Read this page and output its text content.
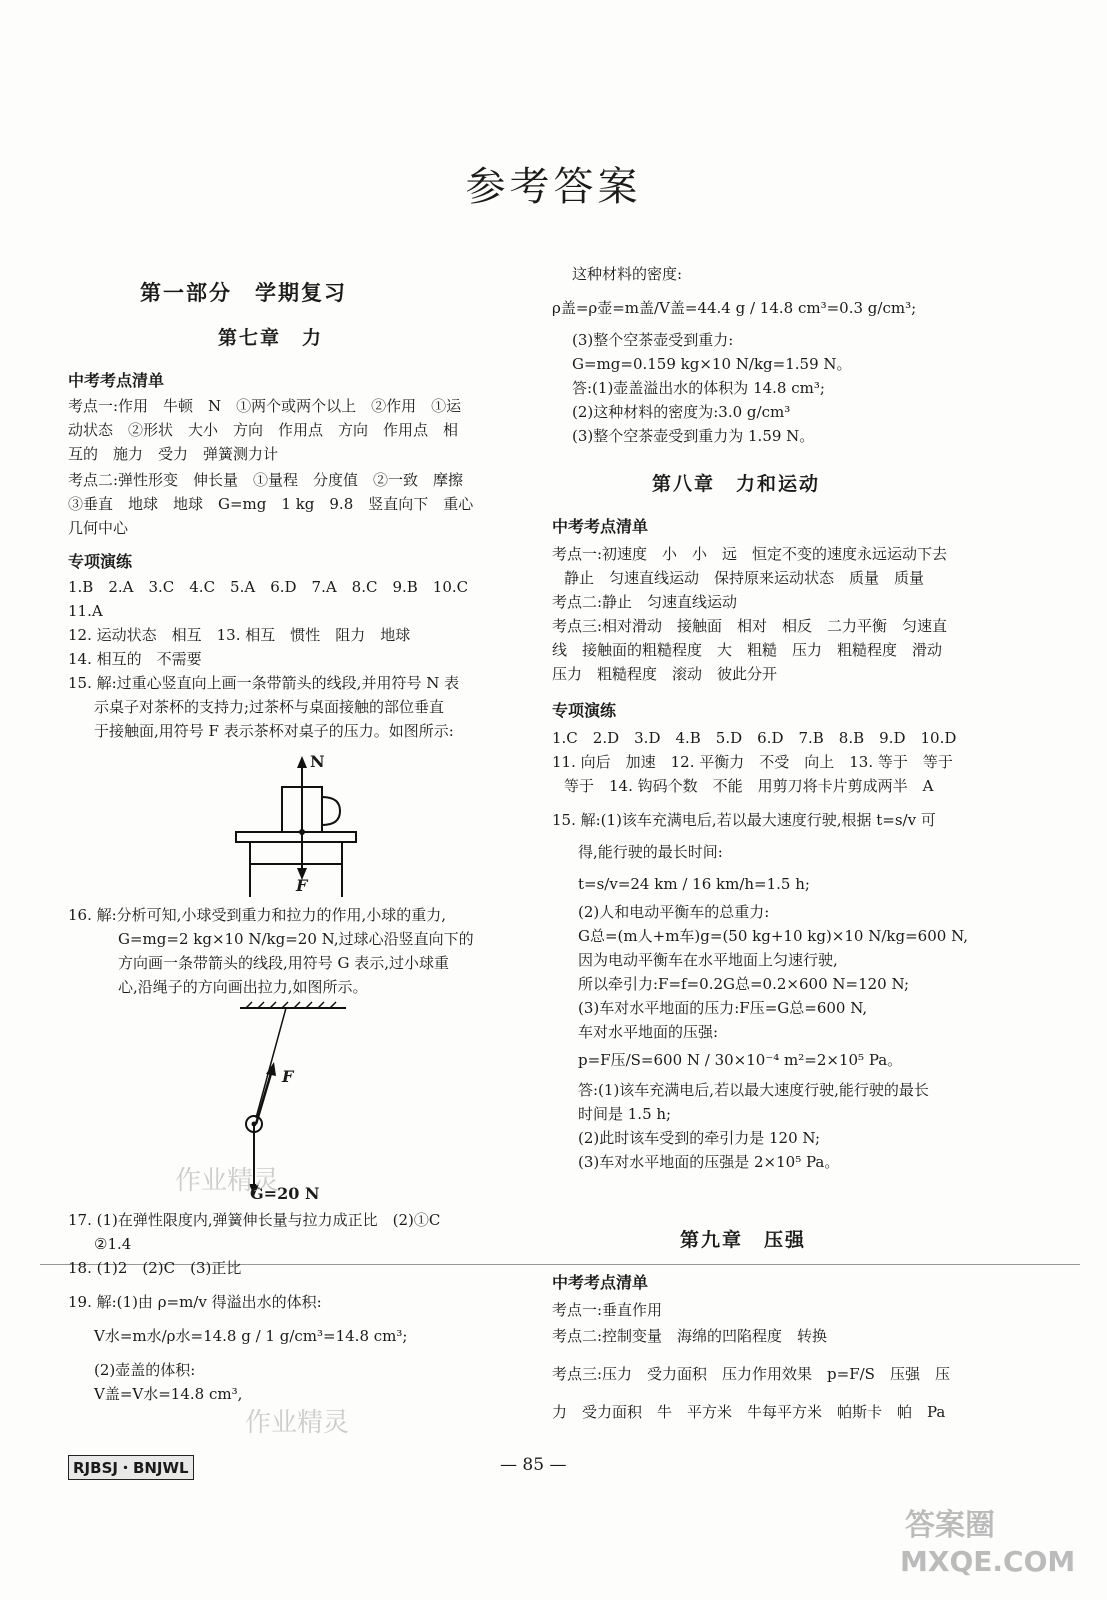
参考答案
第一部分　学期复习
第七章　力
中考考点清单
考点一:作用　牛顿　N　①两个或两个以上　②作用　①运
动状态　②形状　大小　方向　作用点　方向　作用点　相
互的　施力　受力　弹簧测力计
考点二:弹性形变　伸长量　①量程　分度值　②一致　摩擦
③垂直　地球　地球　G=mg　1 kg　9.8　竖直向下　重心
几何中心
专项演练
1.B　2.A　3.C　4.C　5.A　6.D　7.A　8.C　9.B　10.C
11.A
12. 运动状态　相互　13. 相互　惯性　阻力　地球
14. 相互的　不需要
15. 解:过重心竖直向上画一条带箭头的线段,并用符号 N 表
示桌子对茶杯的支持力;过茶杯与桌面接触的部位垂直
于接触面,用符号 F 表示茶杯对桌子的压力。如图所示:
N
F
16. 解:分析可知,小球受到重力和拉力的作用,小球的重力,
G=mg=2 kg×10 N/kg=20 N,过球心沿竖直向下的
方向画一条带箭头的线段,用符号 G 表示,过小球重
心,沿绳子的方向画出拉力,如图所示。
F
G=20 N
作业精灵
17. (1)在弹性限度内,弹簧伸长量与拉力成正比　(2)①C
②1.4
18. (1)2　(2)C　(3)正比
19. 解:(1)由 ρ=m/v 得溢出水的体积:
V水=m水/ρ水=14.8 g / 1 g/cm³=14.8 cm³;
(2)壶盖的体积:
V盖=V水=14.8 cm³,
作业精灵
这种材料的密度:
ρ盖=ρ壶=m盖/V盖=44.4 g / 14.8 cm³=0.3 g/cm³;
(3)整个空茶壶受到重力:
G=mg=0.159 kg×10 N/kg=1.59 N。
答:(1)壶盖溢出水的体积为 14.8 cm³;
(2)这种材料的密度为:3.0 g/cm³
(3)整个空茶壶受到重力为 1.59 N。
第八章　力和运动
中考考点清单
考点一:初速度　小　小　远　恒定不变的速度永远运动下去
静止　匀速直线运动　保持原来运动状态　质量　质量
考点二:静止　匀速直线运动
考点三:相对滑动　接触面　相对　相反　二力平衡　匀速直
线　接触面的粗糙程度　大　粗糙　压力　粗糙程度　滑动
压力　粗糙程度　滚动　彼此分开
专项演练
1.C　2.D　3.D　4.B　5.D　6.D　7.B　8.B　9.D　10.D
11. 向后　加速　12. 平衡力　不受　向上　13. 等于　等于
等于　14. 钩码个数　不能　用剪刀将卡片剪成两半　A
15. 解:(1)该车充满电后,若以最大速度行驶,根据 t=s/v 可
得,能行驶的最长时间:
t=s/v=24 km / 16 km/h=1.5 h;
(2)人和电动平衡车的总重力:
G总=(m人+m车)g=(50 kg+10 kg)×10 N/kg=600 N,
因为电动平衡车在水平地面上匀速行驶,
所以牵引力:F=f=0.2G总=0.2×600 N=120 N;
(3)车对水平地面的压力:F压=G总=600 N,
车对水平地面的压强:
p=F压/S=600 N / 30×10⁻⁴ m²=2×10⁵ Pa。
答:(1)该车充满电后,若以最大速度行驶,能行驶的最长
时间是 1.5 h;
(2)此时该车受到的牵引力是 120 N;
(3)车对水平地面的压强是 2×10⁵ Pa。
第九章　压强
中考考点清单
考点一:垂直作用
考点二:控制变量　海绵的凹陷程度　转换
考点三:压力　受力面积　压力作用效果　p=F/S　压强　压
力　受力面积　牛　平方米　牛每平方米　帕斯卡　帕　Pa
RJBSJ・BNJWL	— 85 —
答案圈
MXQE.COM
